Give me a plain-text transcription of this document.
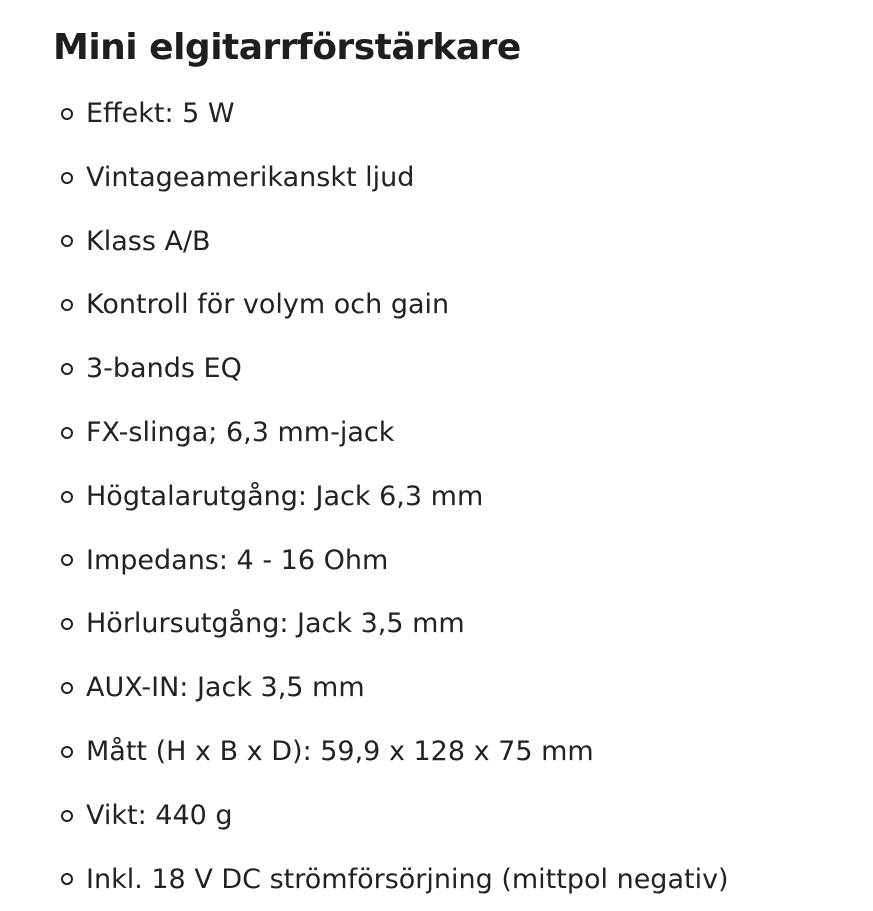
Mini elgitarrförstärkare
Effekt: 5 W
Vintageamerikanskt ljud
Klass A/B
Kontroll för volym och gain
3-bands EQ
FX-slinga; 6,3 mm-jack
Högtalarutgång: Jack 6,3 mm
Impedans: 4 - 16 Ohm
Hörlursutgång: Jack 3,5 mm
AUX-IN: Jack 3,5 mm
Mått (H x B x D): 59,9 x 128 x 75 mm
Vikt: 440 g
Inkl. 18 V DC strömförsörjning (mittpol negativ)
